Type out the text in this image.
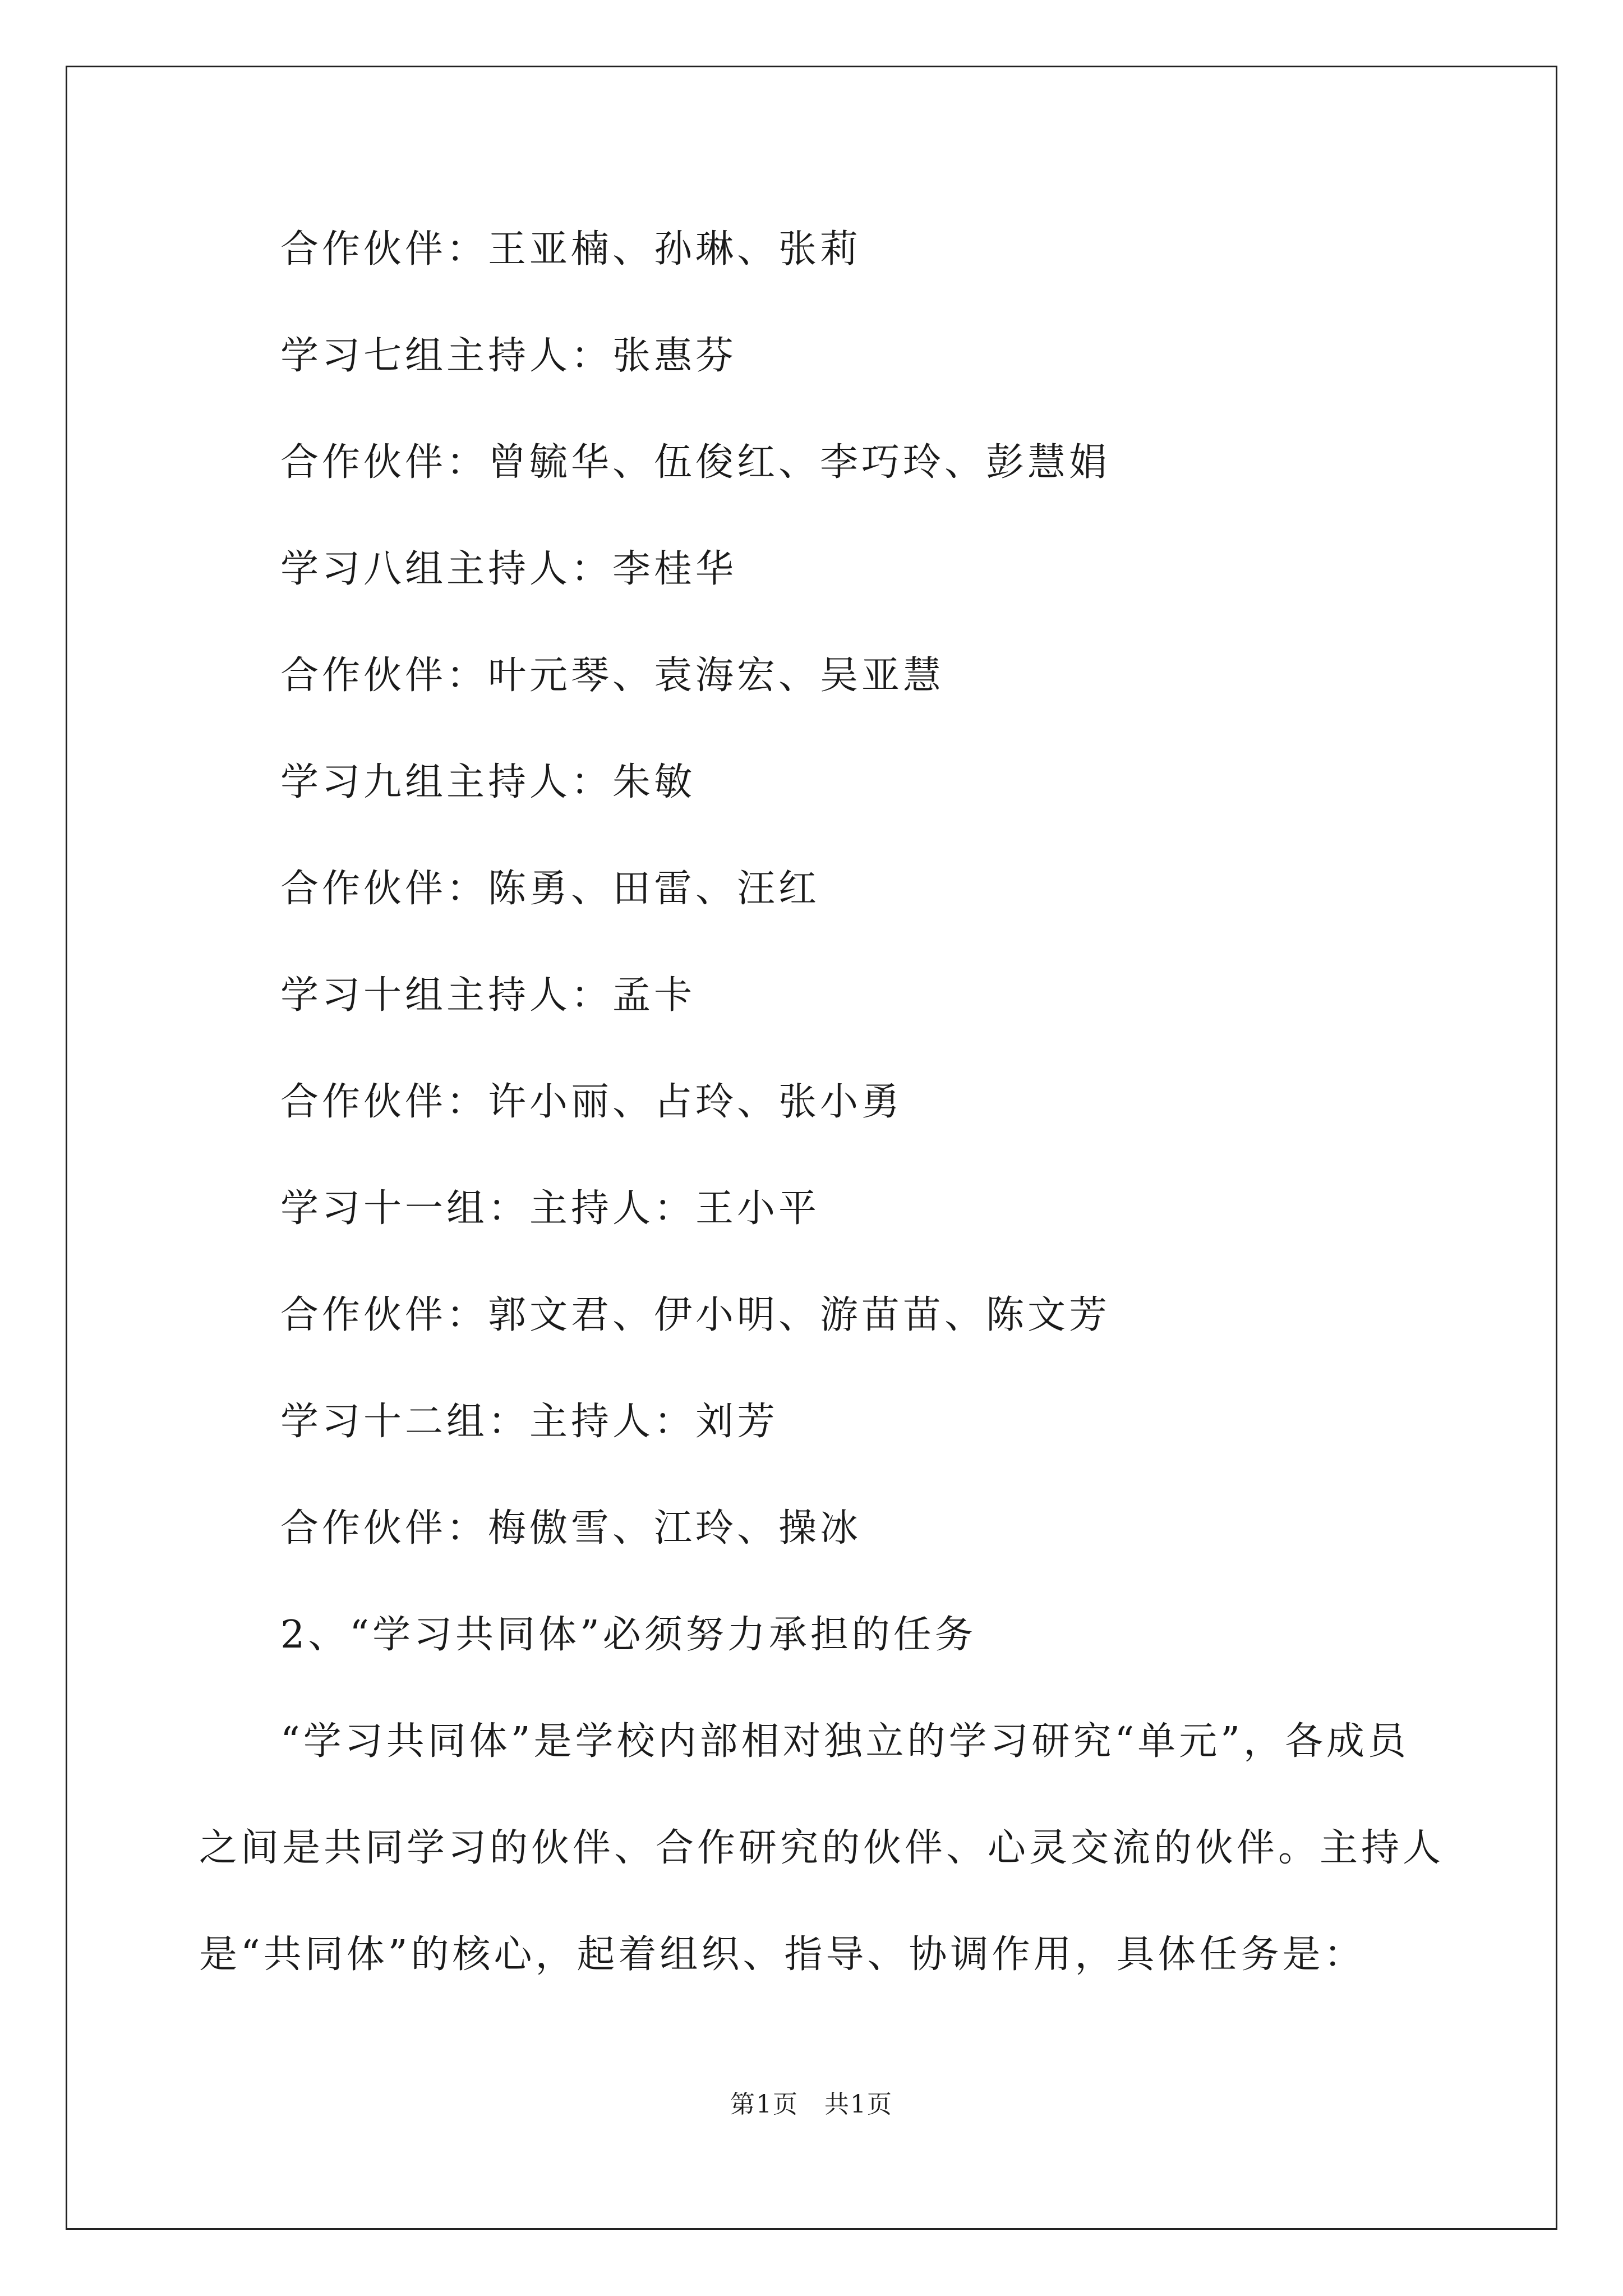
合作伙伴：王亚楠、孙琳、张莉
学习七组主持人：张惠芬
合作伙伴：曾毓华、伍俊红、李巧玲、彭慧娟
学习八组主持人：李桂华
合作伙伴：叶元琴、袁海宏、吴亚慧
学习九组主持人：朱敏
合作伙伴：陈勇、田雷、汪红
学习十组主持人：孟卡
合作伙伴：许小丽、占玲、张小勇
学习十一组：主持人：王小平
合作伙伴：郭文君、伊小明、游苗苗、陈文芳
学习十二组：主持人：刘芳
合作伙伴：梅傲雪、江玲、操冰
2、“学习共同体”必须努力承担的任务
“学习共同体”是学校内部相对独立的学习研究“单元”，各成员
之间是共同学习的伙伴、合作研究的伙伴、心灵交流的伙伴。主持人
是“共同体”的核心，起着组织、指导、协调作用，具体任务是：
第1页　共1页
